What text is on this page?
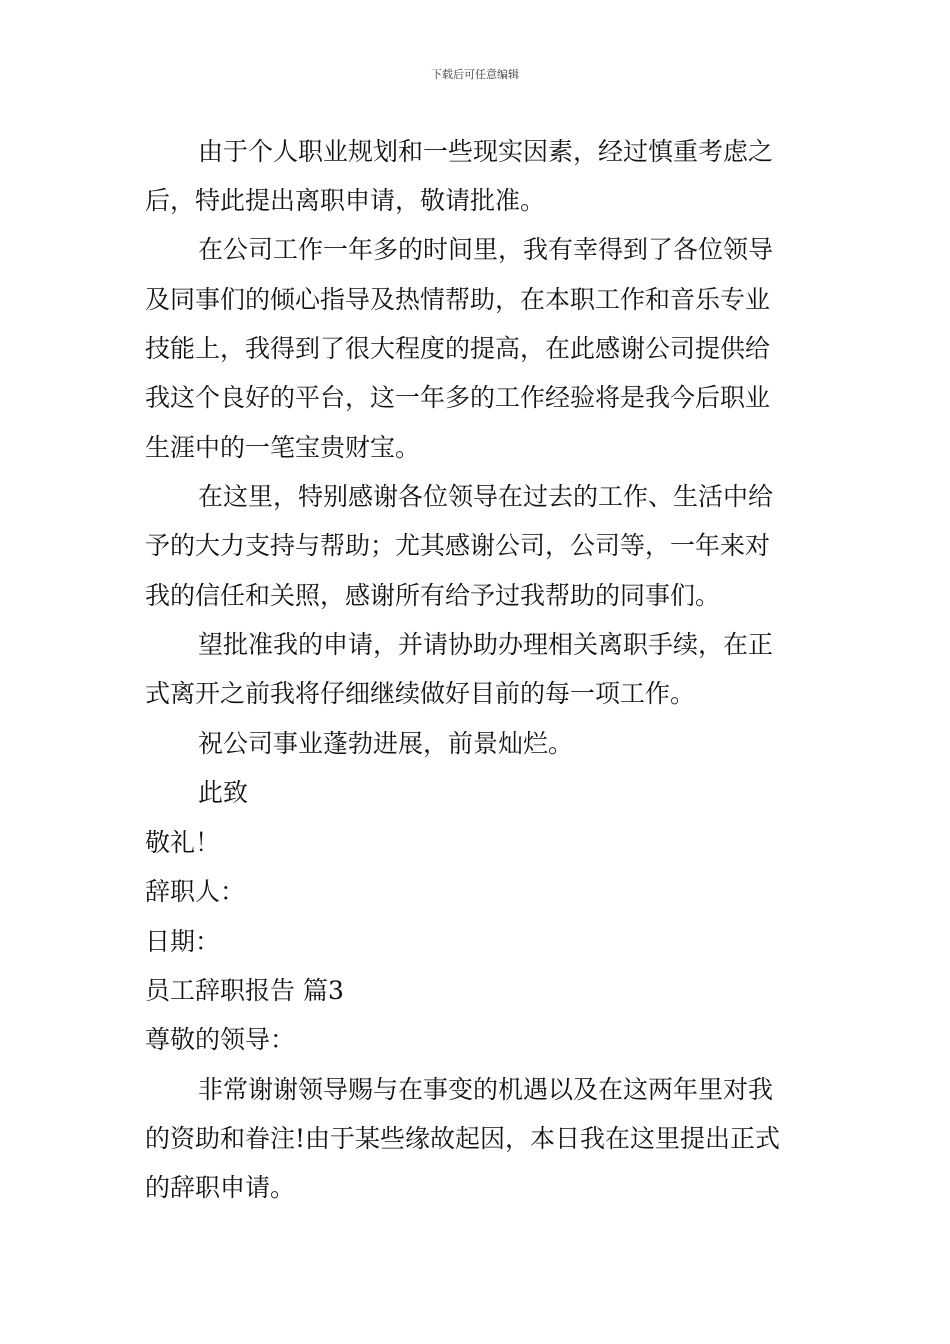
下载后可任意编辑
由于个人职业规划和一些现实因素，经过慎重考虑之
后，特此提出离职申请，敬请批准。
在公司工作一年多的时间里，我有幸得到了各位领导
及同事们的倾心指导及热情帮助，在本职工作和音乐专业
技能上，我得到了很大程度的提高，在此感谢公司提供给
我这个良好的平台，这一年多的工作经验将是我今后职业
生涯中的一笔宝贵财宝。
在这里，特别感谢各位领导在过去的工作、生活中给
予的大力支持与帮助；尤其感谢公司，公司等，一年来对
我的信任和关照，感谢所有给予过我帮助的同事们。
望批准我的申请，并请协助办理相关离职手续，在正
式离开之前我将仔细继续做好目前的每一项工作。
祝公司事业蓬勃进展，前景灿烂。
此致
敬礼！
辞职人：
日期：
员工辞职报告 篇3
尊敬的领导：
非常谢谢领导赐与在事变的机遇以及在这两年里对我
的资助和眷注!由于某些缘故起因，本日我在这里提出正式
的辞职申请。
